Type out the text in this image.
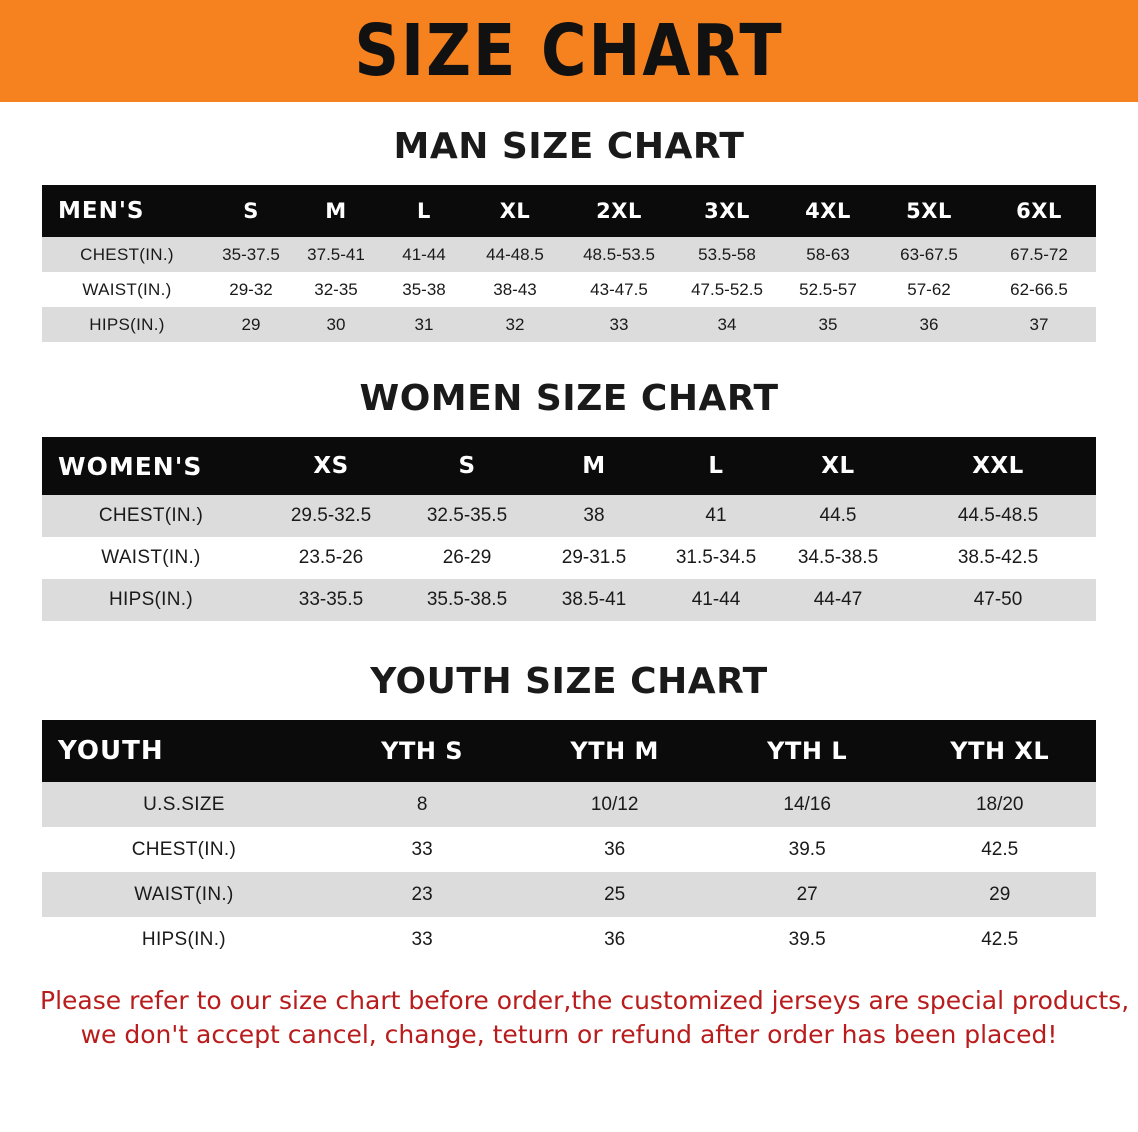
SIZE CHART
MAN SIZE CHART
MEN'S	S	M	L	XL	2XL	3XL	4XL	5XL	6XL
CHEST(IN.)	35-37.5	37.5-41	41-44	44-48.5	48.5-53.5	53.5-58	58-63	63-67.5	67.5-72
WAIST(IN.)	29-32	32-35	35-38	38-43	43-47.5	47.5-52.5	52.5-57	57-62	62-66.5
HIPS(IN.)	29	30	31	32	33	34	35	36	37
WOMEN SIZE CHART
WOMEN'S	XS	S	M	L	XL	XXL
CHEST(IN.)	29.5-32.5	32.5-35.5	38	41	44.5	44.5-48.5
WAIST(IN.)	23.5-26	26-29	29-31.5	31.5-34.5	34.5-38.5	38.5-42.5
HIPS(IN.)	33-35.5	35.5-38.5	38.5-41	41-44	44-47	47-50
YOUTH SIZE CHART
YOUTH	YTH S	YTH M	YTH L	YTH XL
U.S.SIZE	8	10/12	14/16	18/20
CHEST(IN.)	33	36	39.5	42.5
WAIST(IN.)	23	25	27	29
HIPS(IN.)	33	36	39.5	42.5
Please refer to our size chart before order,the customized jerseys are special products,
we don't accept cancel, change, teturn or refund after order has been placed!
